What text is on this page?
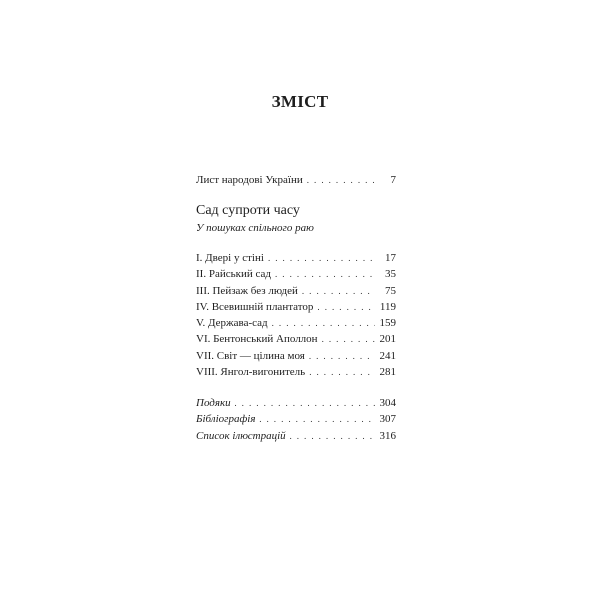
ЗМІСТ
Лист народові України . . .	7
Сад супроти часу
У пошуках спільного раю
I. Двері у стіні . . .	17
II. Райський сад . . .	35
III. Пейзаж без людей . . .	75
IV. Всевишній плантатор . . .	119
V. Держава-сад . . .	159
VI. Бентонський Аполлон . . .	201
VII. Світ — цілина моя . . .	241
VIII. Янгол-вигонитель . . .	281
Подяки . . .	304
Бібліографія . . .	307
Список ілюстрацій . . .	316
